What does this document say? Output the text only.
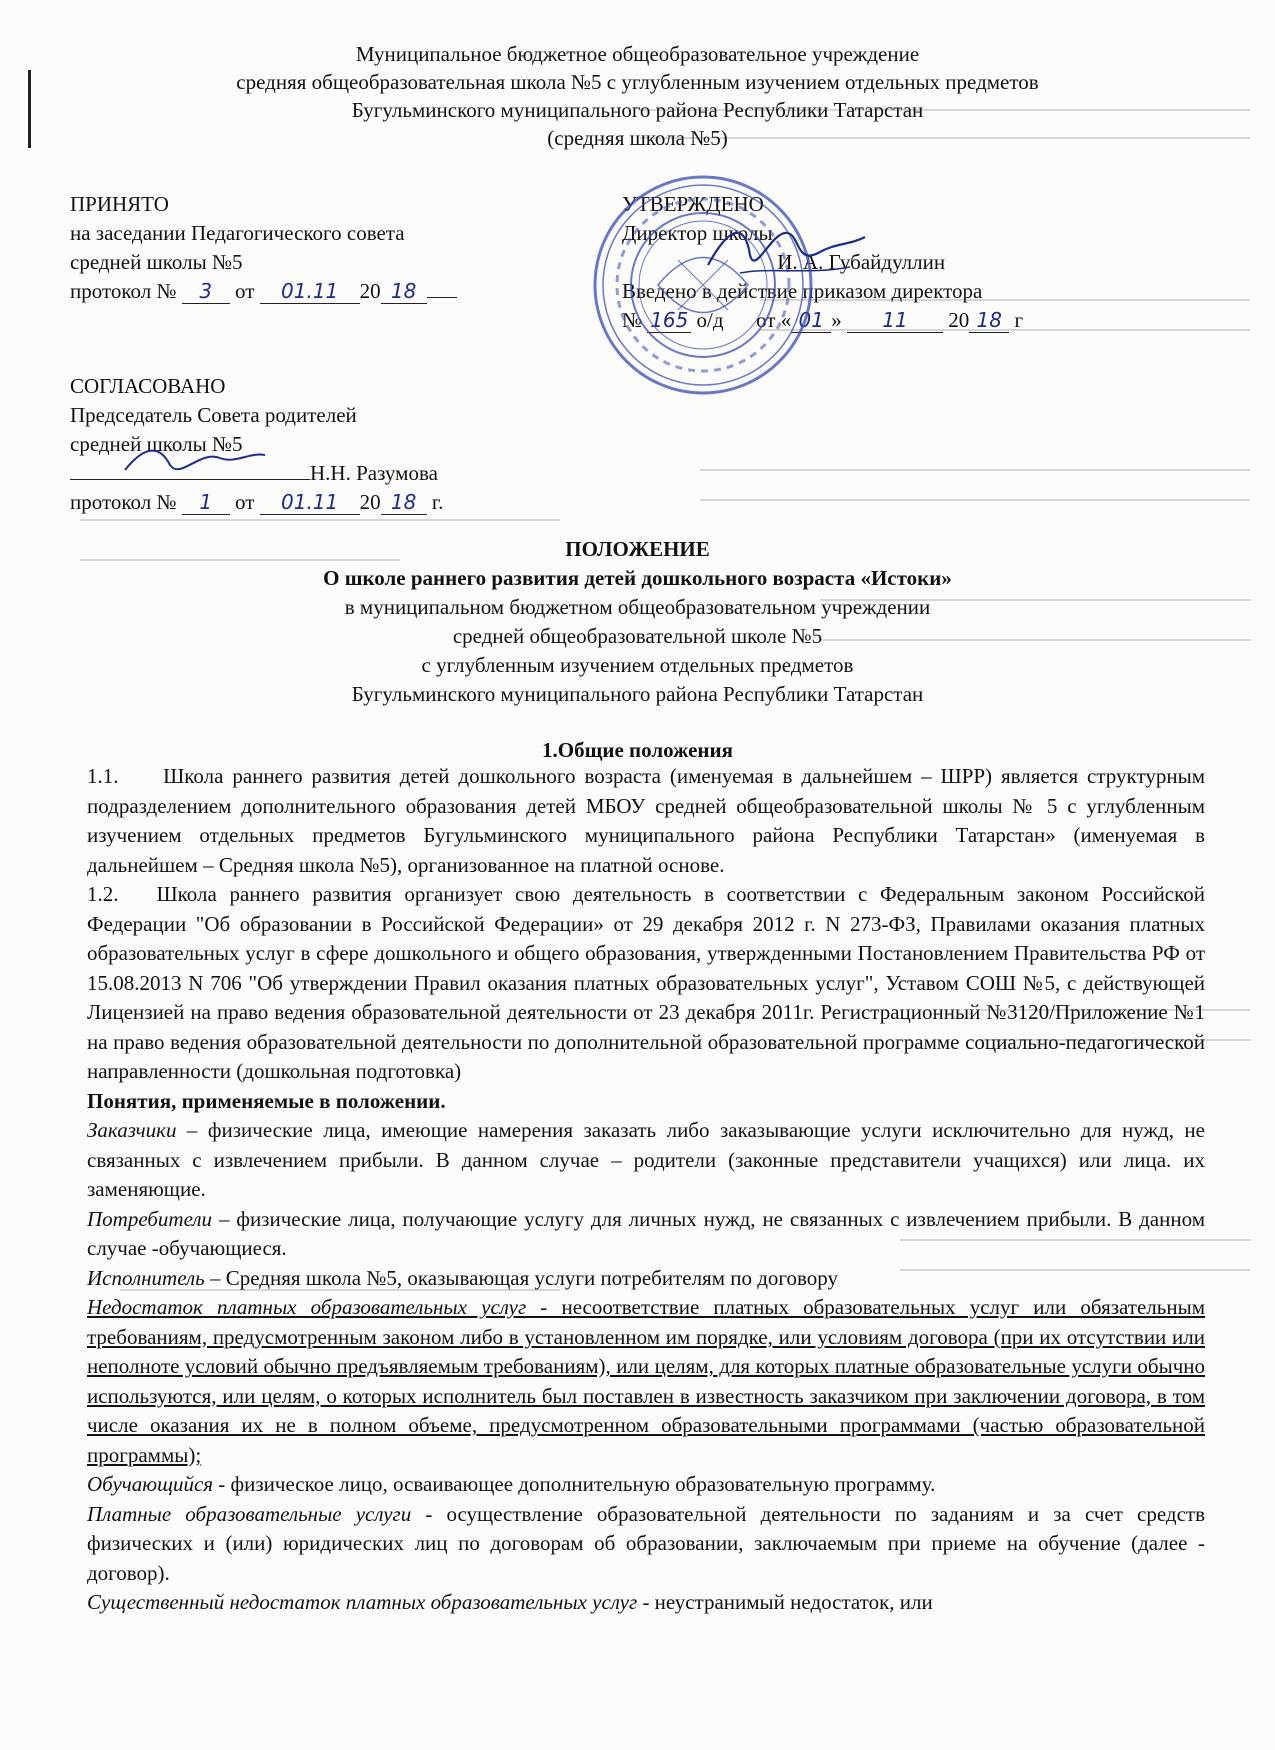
Муниципальное бюджетное общеобразовательное учреждение
средняя общеобразовательная школа №5 с углубленным изучением отдельных предметов
Бугульминского муниципального района Республики Татарстан
(средняя школа №5)
ПРИНЯТО
на заседании Педагогического совета
средней школы №5
протокол № 3 от 01.11 20 18
УТВЕРЖДЕНО
Директор школы
И. А. Губайдуллин
Введено в действие приказом директора
№ 165 о/д от « 01 » 11 20 18 г
СОГЛАСОВАНО
Председатель Совета родителей
средней школы №5
Н.Н. Разумова
протокол № 1 от 01.11 20 18 г.
ПОЛОЖЕНИЕ
О школе раннего развития детей дошкольного возраста «Истоки»
в муниципальном бюджетном общеобразовательном учреждении
средней общеобразовательной школе №5
с углубленным изучением отдельных предметов
Бугульминского муниципального района Республики Татарстан
1.Общие положения

1.1.     Школа раннего развития детей дошкольного возраста (именуемая в дальнейшем – ШРР) является структурным подразделением дополнительного образования детей МБОУ средней общеобразовательной школы № 5 с углубленным изучением отдельных предметов Бугульминского муниципального района Республики Татарстан» (именуемая в дальнейшем – Средняя школа №5), организованное на платной основе.

1.2.   Школа раннего развития организует свою деятельность в соответствии с Федеральным законом Российской Федерации "Об образовании в Российской Федерации» от 29 декабря 2012 г. N 273-ФЗ, Правилами оказания платных образовательных услуг в сфере дошкольного и общего образования, утвержденными Постановлением Правительства РФ от 15.08.2013 N 706 "Об утверждении Правил оказания платных образовательных услуг", Уставом СОШ №5, с действующей Лицензией на право ведения образовательной деятельности от 23 декабря 2011г. Регистрационный №3120/Приложение №1 на право ведения образовательной деятельности по дополнительной образовательной программе социально-педагогической направленности (дошкольная подготовка)

Понятия, применяемые в положении.

Заказчики – физические лица, имеющие намерения заказать либо заказывающие услуги исключительно для нужд, не связанных с извлечением прибыли. В данном случае – родители (законные представители учащихся) или лица. их заменяющие.

Потребители – физические лица, получающие услугу для личных нужд, не связанных с извлечением прибыли. В данном случае -обучающиеся.

Исполнитель – Средняя школа №5, оказывающая услуги потребителям по договору

Недостаток платных образовательных услуг - несоответствие платных образовательных услуг или обязательным требованиям, предусмотренным законом либо в установленном им порядке, или условиям договора (при их отсутствии или неполноте условий обычно предъявляемым требованиям), или целям, для которых платные образовательные услуги обычно используются, или целям, о которых исполнитель был поставлен в известность заказчиком при заключении договора, в том числе оказания их не в полном объеме, предусмотренном образовательными программами (частью образовательной программы);

Обучающийся - физическое лицо, осваивающее дополнительную образовательную программу.

Платные образовательные услуги - осуществление образовательной деятельности по заданиям и за счет средств физических и (или) юридических лиц по договорам об образовании, заключаемым при приеме на обучение (далее - договор).

Существенный недостаток платных образовательных услуг - неустранимый недостаток, или
